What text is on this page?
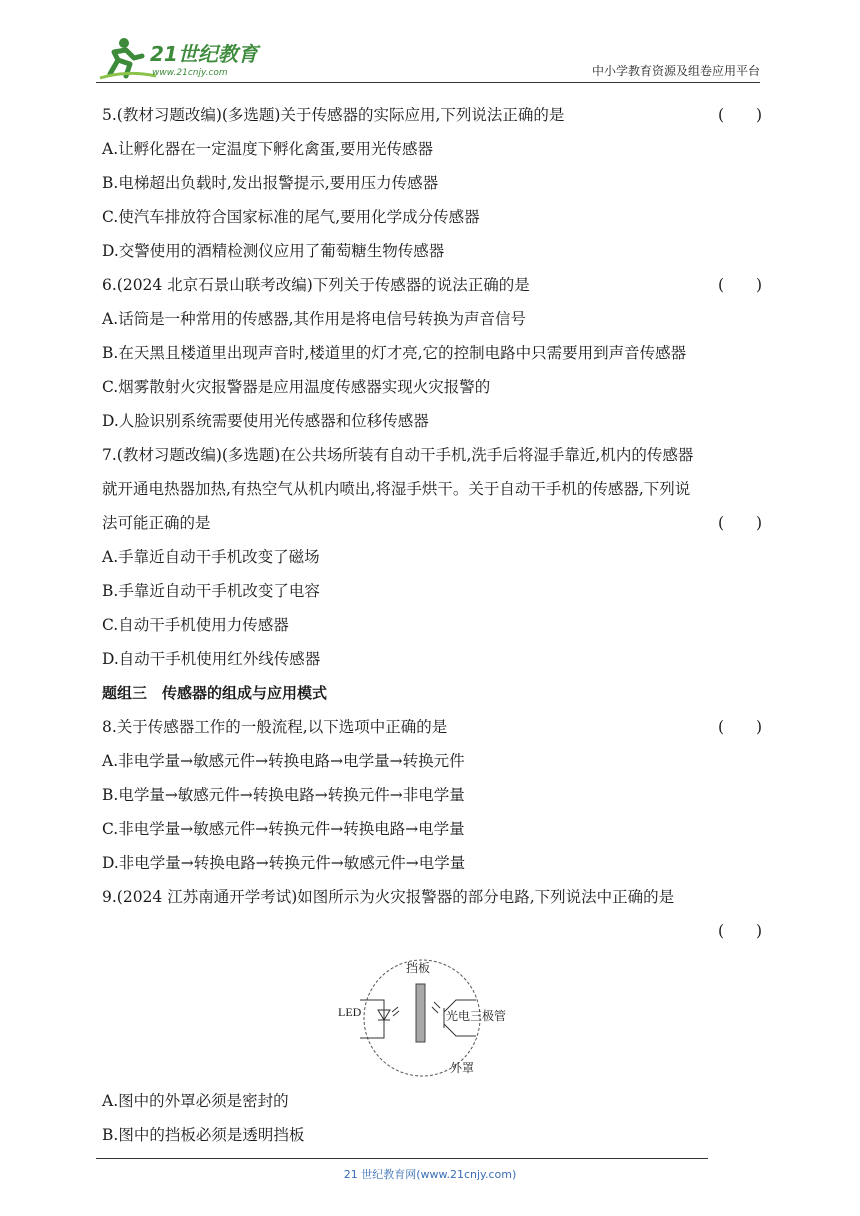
21世纪教育
www.21cnjy.com	中小学教育资源及组卷应用平台
5.(教材习题改编)(多选题)关于传感器的实际应用,下列说法正确的是
A.让孵化器在一定温度下孵化禽蛋,要用光传感器
B.电梯超出负载时,发出报警提示,要用压力传感器
C.使汽车排放符合国家标准的尾气,要用化学成分传感器
D.交警使用的酒精检测仪应用了葡萄糖生物传感器
6.(2024 北京石景山联考改编)下列关于传感器的说法正确的是
A.话筒是一种常用的传感器,其作用是将电信号转换为声音信号
B.在天黑且楼道里出现声音时,楼道里的灯才亮,它的控制电路中只需要用到声音传感器
C.烟雾散射火灾报警器是应用温度传感器实现火灾报警的
D.人脸识别系统需要使用光传感器和位移传感器
7.(教材习题改编)(多选题)在公共场所装有自动干手机,洗手后将湿手靠近,机内的传感器
就开通电热器加热,有热空气从机内喷出,将湿手烘干。关于自动干手机的传感器,下列说
法可能正确的是
A.手靠近自动干手机改变了磁场
B.手靠近自动干手机改变了电容
C.自动干手机使用力传感器
D.自动干手机使用红外线传感器
题组三　传感器的组成与应用模式
8.关于传感器工作的一般流程,以下选项中正确的是
A.非电学量→敏感元件→转换电路→电学量→转换元件
B.电学量→敏感元件→转换电路→转换元件→非电学量
C.非电学量→敏感元件→转换元件→转换电路→电学量
D.非电学量→转换电路→转换元件→敏感元件→电学量
9.(2024 江苏南通开学考试)如图所示为火灾报警器的部分电路,下列说法中正确的是
LED
挡板
光电三极管
外罩
A.图中的外罩必须是密封的
B.图中的挡板必须是透明挡板
21 世纪教育网(www.21cnjy.com)
